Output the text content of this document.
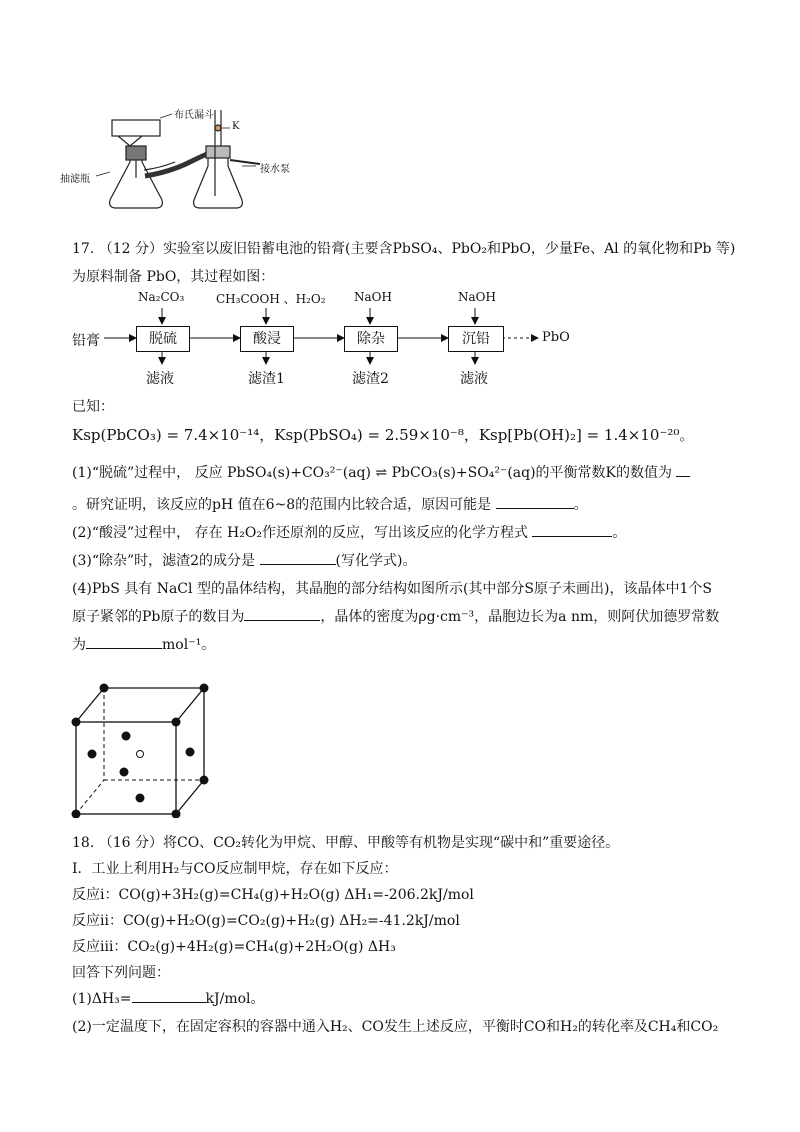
布氏漏斗
K
抽滤瓶
接水泵
17. （12 分）实验室以废旧铅蓄电池的铅膏(主要含PbSO₄、PbO₂和PbO，少量Fe、Al 的氧化物和Pb 等)
为原料制备 PbO，其过程如图：
铅膏	PbO
Na₂CO₃	CH₃COOH 、H₂O₂ NaOH	NaOH
脱硫	酸浸	除杂	沉铅
滤液	滤渣1	滤渣2	滤液
已知：
Ksp(PbCO₃) = 7.4×10⁻¹⁴，Ksp(PbSO₄) = 2.59×10⁻⁸，Ksp[Pb(OH)₂] = 1.4×10⁻²⁰。
(1)“脱硫”过程中， 反应 PbSO₄(s)+CO₃²⁻(aq) ⇌ PbCO₃(s)+SO₄²⁻(aq)的平衡常数K的数值为
。研究证明，该反应的pH 值在6~8的范围内比较合适，原因可能是	。
(2)“酸浸”过程中， 存在 H₂O₂作还原剂的反应，写出该反应的化学方程式	。
(3)“除杂”时，滤渣2的成分是	(写化学式)。
(4)PbS 具有 NaCl 型的晶体结构，其晶胞的部分结构如图所示(其中部分S原子未画出)，该晶体中1个S
原子紧邻的Pb原子的数目为	，晶体的密度为ρg·cm⁻³，晶胞边长为a nm，则阿伏加德罗常数
为	mol⁻¹。
18. （16 分）将CO、CO₂转化为甲烷、甲醇、甲酸等有机物是实现“碳中和”重要途径。
Ⅰ．工业上利用H₂与CO反应制甲烷，存在如下反应：
反应ⅰ：CO(g)+3H₂(g)=CH₄(g)+H₂O(g) ΔH₁=-206.2kJ/mol
反应ⅱ：CO(g)+H₂O(g)=CO₂(g)+H₂(g) ΔH₂=-41.2kJ/mol
反应ⅲ：CO₂(g)+4H₂(g)=CH₄(g)+2H₂O(g) ΔH₃
回答下列问题：
(1)ΔH₃=	kJ/mol。
(2)一定温度下，在固定容积的容器中通入H₂、CO发生上述反应，平衡时CO和H₂的转化率及CH₄和CO₂
